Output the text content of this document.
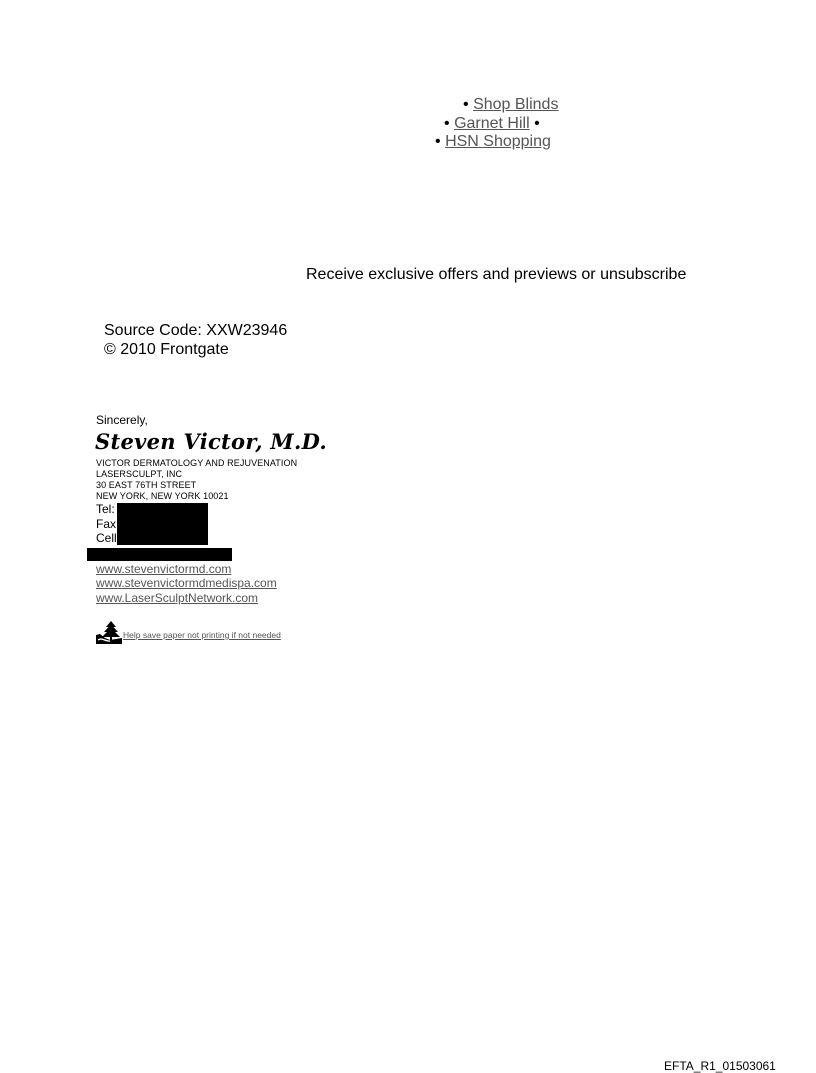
• Shop Blinds
• Garnet Hill •
• HSN Shopping
Receive exclusive offers and previews or unsubscribe
Source Code: XXW23946
© 2010 Frontgate
Sincerely,
Steven Victor, M.D.
VICTOR DERMATOLOGY AND REJUVENATION
LASERSCULPT, INC
30 EAST 76TH STREET
NEW YORK, NEW YORK 10021
Tel:
Fax
Cell
www.stevenvictormd.com
www.stevenvictormdmedispa.com
www.LaserSculptNetwork.com
Help save paper not printing if not needed
EFTA_R1_01503061
